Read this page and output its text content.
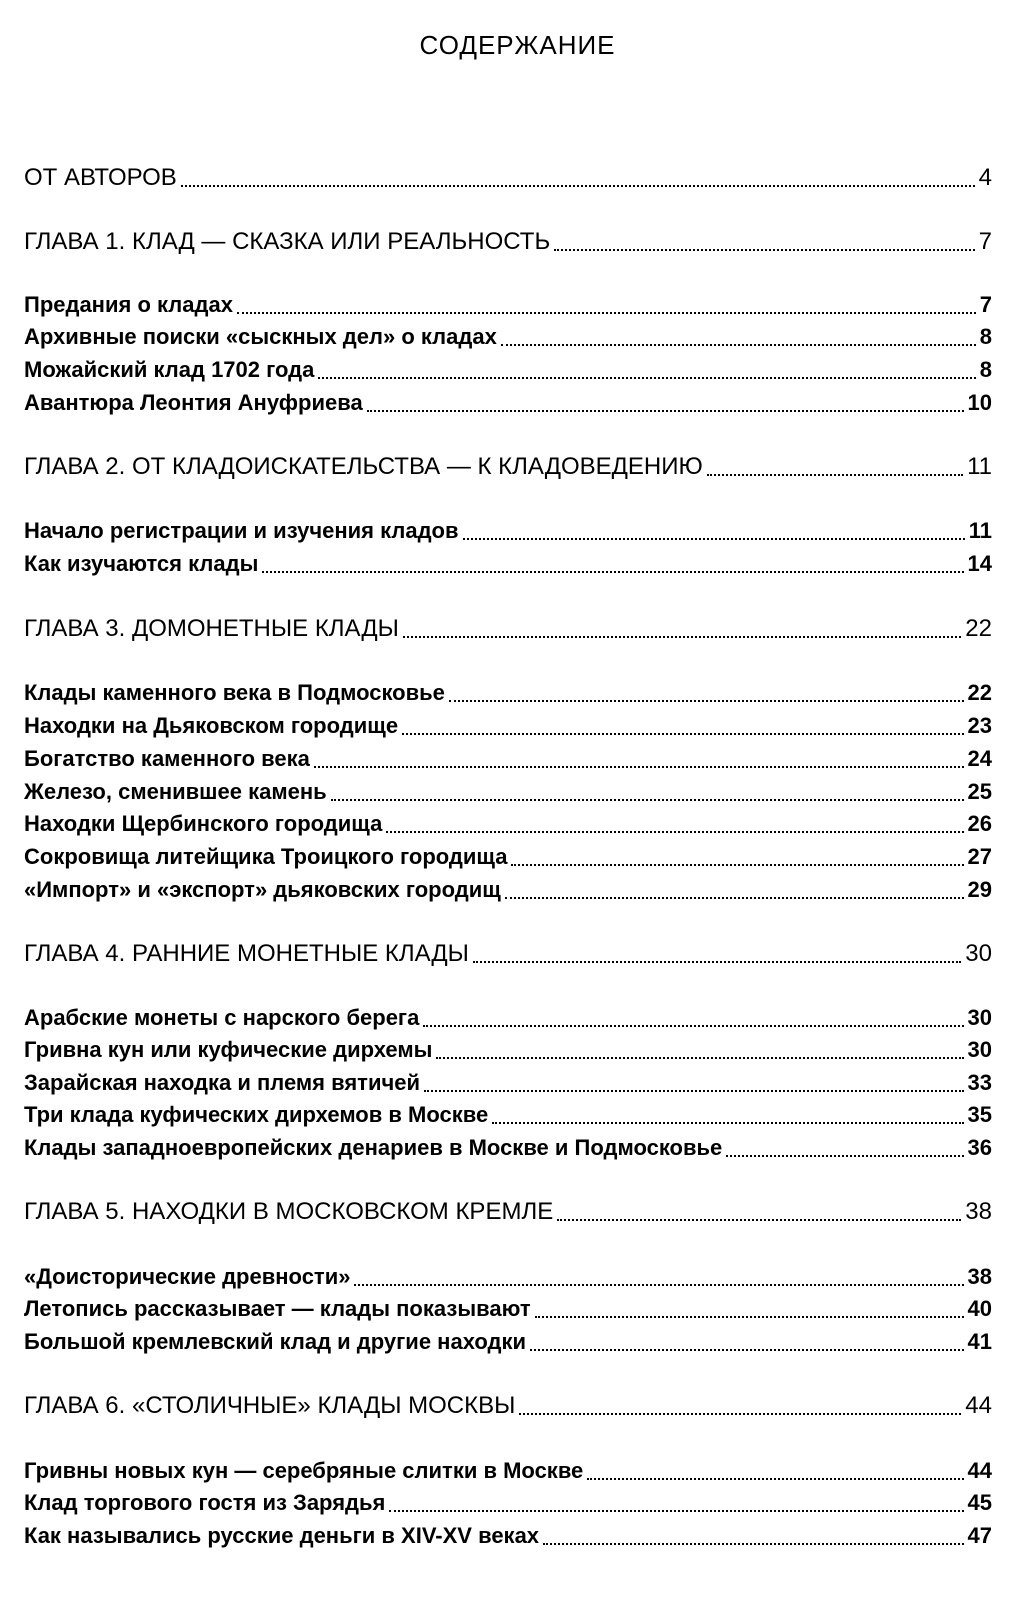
СОДЕРЖАНИЕ
ОТ АВТОРОВ	4
ГЛАВА 1. КЛАД — СКАЗКА ИЛИ РЕАЛЬНОСТЬ	7
Предания о кладах	7
Архивные поиски «сыскных дел» о кладах	8
Можайский клад 1702 года	8
Авантюра Леонтия Ануфриева	10
ГЛАВА 2. ОТ КЛАДОИСКАТЕЛЬСТВА — К КЛАДОВЕДЕНИЮ	11
Начало регистрации и изучения кладов	11
Как изучаются клады	14
ГЛАВА 3. ДОМОНЕТНЫЕ КЛАДЫ	22
Клады каменного века в Подмосковье	22
Находки на Дьяковском городище	23
Богатство каменного века	24
Железо, сменившее камень	25
Находки Щербинского городища	26
Сокровища литейщика Троицкого городища	27
«Импорт» и «экспорт» дьяковских городищ	29
ГЛАВА 4. РАННИЕ МОНЕТНЫЕ КЛАДЫ	30
Арабские монеты с нарского берега	30
Гривна кун или куфические дирхемы	30
Зарайская находка и племя вятичей	33
Три клада куфических дирхемов в Москве	35
Клады западноевропейских денариев в Москве и Подмосковье	36
ГЛАВА 5. НАХОДКИ В МОСКОВСКОМ КРЕМЛЕ	38
«Доисторические древности»	38
Летопись рассказывает — клады показывают	40
Большой кремлевский клад и другие находки	41
ГЛАВА 6. «СТОЛИЧНЫЕ» КЛАДЫ МОСКВЫ	44
Гривны новых кун — серебряные слитки в Москве	44
Клад торгового гостя из Зарядья	45
Как назывались русские деньги в XIV-XV веках	47
